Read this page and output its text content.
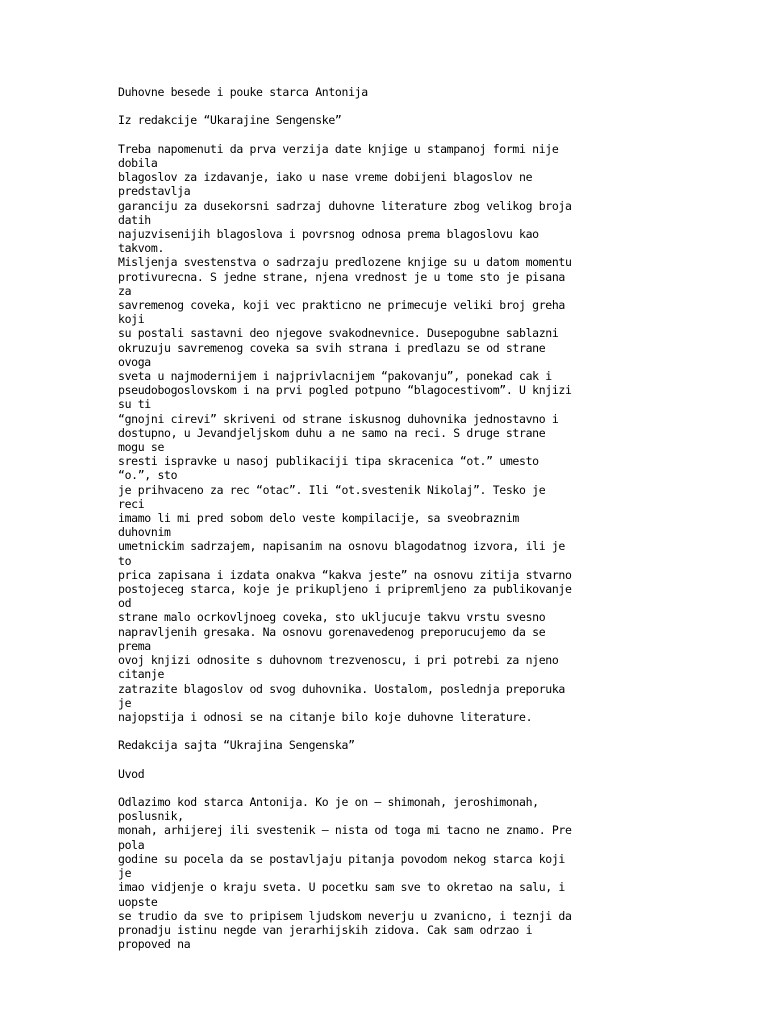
Duhovne besede i pouke starca Antonija
Iz redakcije “Ukarajine Sengenske”
Treba napomenuti da prva verzija date knjige u stampanoj formi nije
dobila
blagoslov za izdavanje, iako u nase vreme dobijeni blagoslov ne
predstavlja
garanciju za dusekorsni sadrzaj duhovne literature zbog velikog broja
datih
najuzvisenijih blagoslova i povrsnog odnosa prema blagoslovu kao
takvom.
Misljenja svestenstva o sadrzaju predlozene knjige su u datom momentu
protivurecna. S jedne strane, njena vrednost je u tome sto je pisana
za
savremenog coveka, koji vec prakticno ne primecuje veliki broj greha
koji
su postali sastavni deo njegove svakodnevnice. Dusepogubne sablazni
okruzuju savremenog coveka sa svih strana i predlazu se od strane
ovoga
sveta u najmodernijem i najprivlacnijem “pakovanju”, ponekad cak i
pseudobogoslovskom i na prvi pogled potpuno “blagocestivom”. U knjizi
su ti
“gnojni cirevi” skriveni od strane iskusnog duhovnika jednostavno i
dostupno, u Jevandjeljskom duhu a ne samo na reci. S druge strane
mogu se
sresti ispravke u nasoj publikaciji tipa skracenica “ot.” umesto
“o.”, sto
je prihvaceno za rec “otac”. Ili “ot.svestenik Nikolaj”. Tesko je
reci
imamo li mi pred sobom delo veste kompilacije, sa sveobraznim
duhovnim
umetnickim sadrzajem, napisanim na osnovu blagodatnog izvora, ili je
to
prica zapisana i izdata onakva “kakva jeste” na osnovu zitija stvarno
postojeceg starca, koje je prikupljeno i pripremljeno za publikovanje
od
strane malo ocrkovljnoeg coveka, sto ukljucuje takvu vrstu svesno
napravljenih gresaka. Na osnovu gorenavedenog preporucujemo da se
prema
ovoj knjizi odnosite s duhovnom trezvenoscu, i pri potrebi za njeno
citanje
zatrazite blagoslov od svog duhovnika. Uostalom, poslednja preporuka
je
najopstija i odnosi se na citanje bilo koje duhovne literature.
Redakcija sajta “Ukrajina Sengenska”
Uvod
Odlazimo kod starca Antonija. Ko je on – shimonah, jeroshimonah,
poslusnik,
monah, arhijerej ili svestenik – nista od toga mi tacno ne znamo. Pre
pola
godine su pocela da se postavljaju pitanja povodom nekog starca koji
je
imao vidjenje o kraju sveta. U pocetku sam sve to okretao na salu, i
uopste
se trudio da sve to pripisem ljudskom neverju u zvanicno, i teznji da
pronadju istinu negde van jerarhijskih zidova. Cak sam odrzao i
propoved na
